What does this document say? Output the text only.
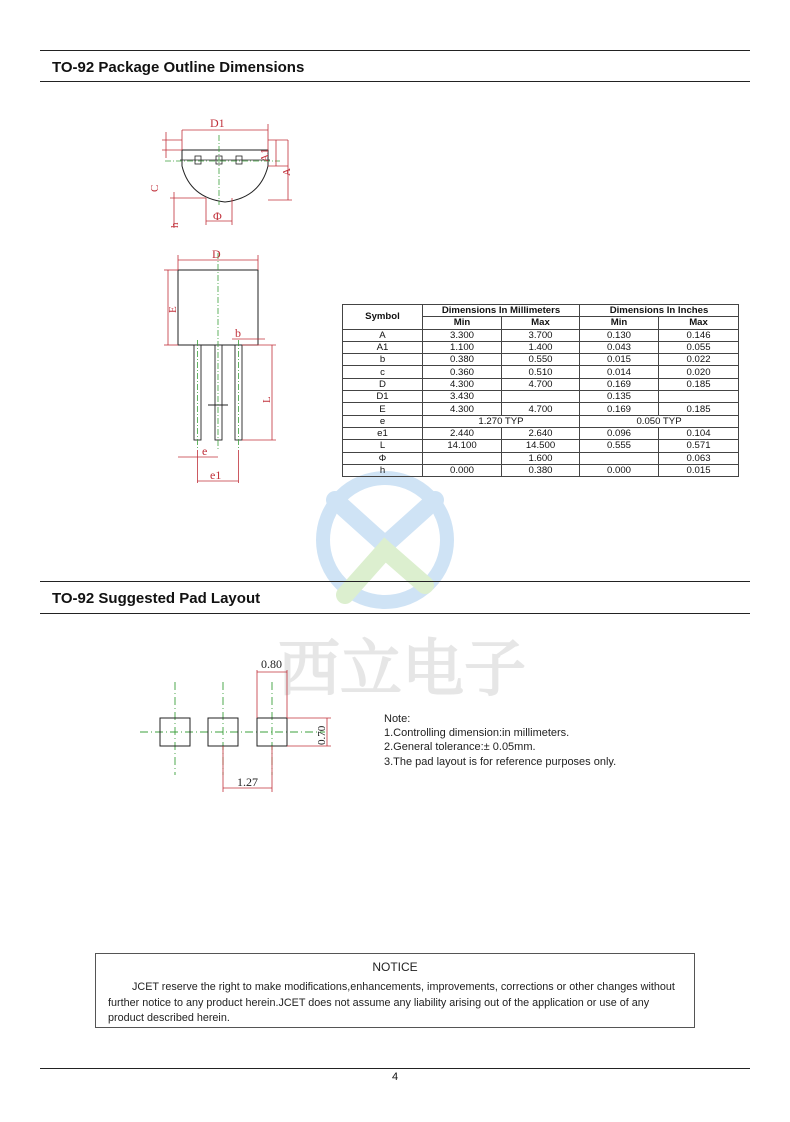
TO-92 Package Outline Dimensions
西立电子
D1
A1
A
C
h
Φ
D
E
b
L
e
e1
Symbol	Dimensions In Millimeters		Dimensions In Inches	
	Min	Max	Min	Max
A	3.300	3.700	0.130	0.146
A1	1.100	1.400	0.043	0.055
b	0.380	0.550	0.015	0.022
c	0.360	0.510	0.014	0.020
D	4.300	4.700	0.169	0.185
D1	3.430		0.135	
E	4.300	4.700	0.169	0.185
e	1.270 TYP		0.050 TYP	
e1	2.440	2.640	0.096	0.104
L	14.100	14.500	0.555	0.571
Φ		1.600		0.063
h	0.000	0.380	0.000	0.015
TO-92 Suggested Pad Layout
0.80
0.70
1.27
Note:
1.Controlling dimension:in millimeters.
2.General tolerance:± 0.05mm.
3.The pad layout is for reference purposes only.
NOTICE
JCET reserve the right to make modifications,enhancements, improvements, corrections or other changes without further notice to any product herein.JCET does not assume any liability arising out of the application or use of any product described herein.
4
